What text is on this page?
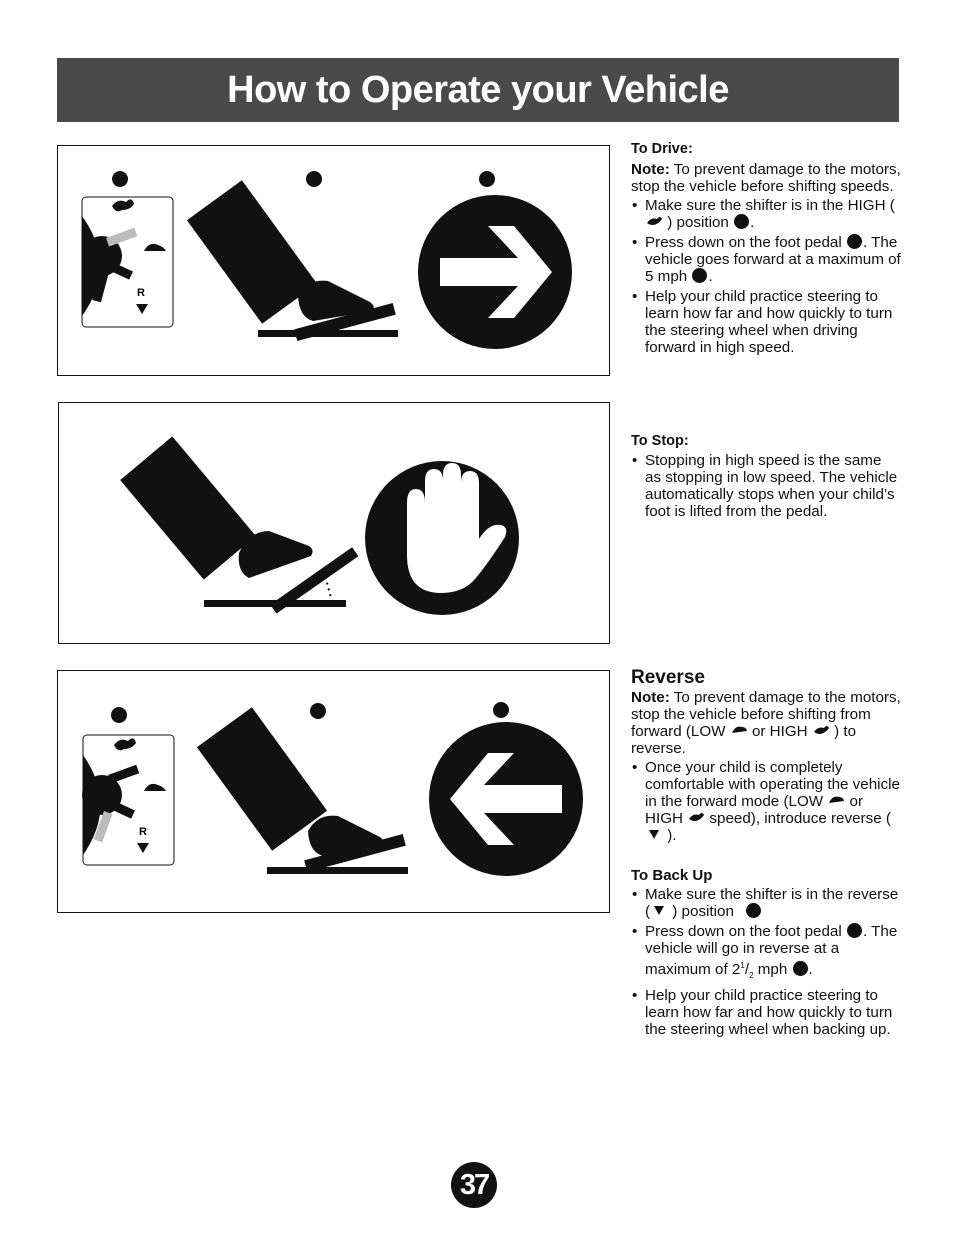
How to Operate your Vehicle
R
R
To Drive:
Note: To prevent damage to the motors, stop the vehicle before shifting speeds.
• Make sure the shifter is in the HIGH ( ) position .
• Press down on the foot pedal . The vehicle goes forward at a maximum of 5 mph .
• Help your child practice steering to learn how far and how quickly to turn the steering wheel when driving forward in high speed.
To Stop:
• Stopping in high speed is the same as stopping in low speed. The vehicle automatically stops when your child’s foot is lifted from the pedal.
Reverse
Note: To prevent damage to the motors, stop the vehicle before shifting from forward (LOW  or HIGH  ) to reverse.
• Once your child is completely comfortable with operating the vehicle in the forward mode (LOW  or HIGH  speed), introduce reverse ( ).
To Back Up
• Make sure the shifter is in the reverse ( ) position
• Press down on the foot pedal . The vehicle will go in reverse at a maximum of $2^1/_2$ mph .
• Help your child practice steering to learn how far and how quickly to turn the steering wheel when backing up.
37
